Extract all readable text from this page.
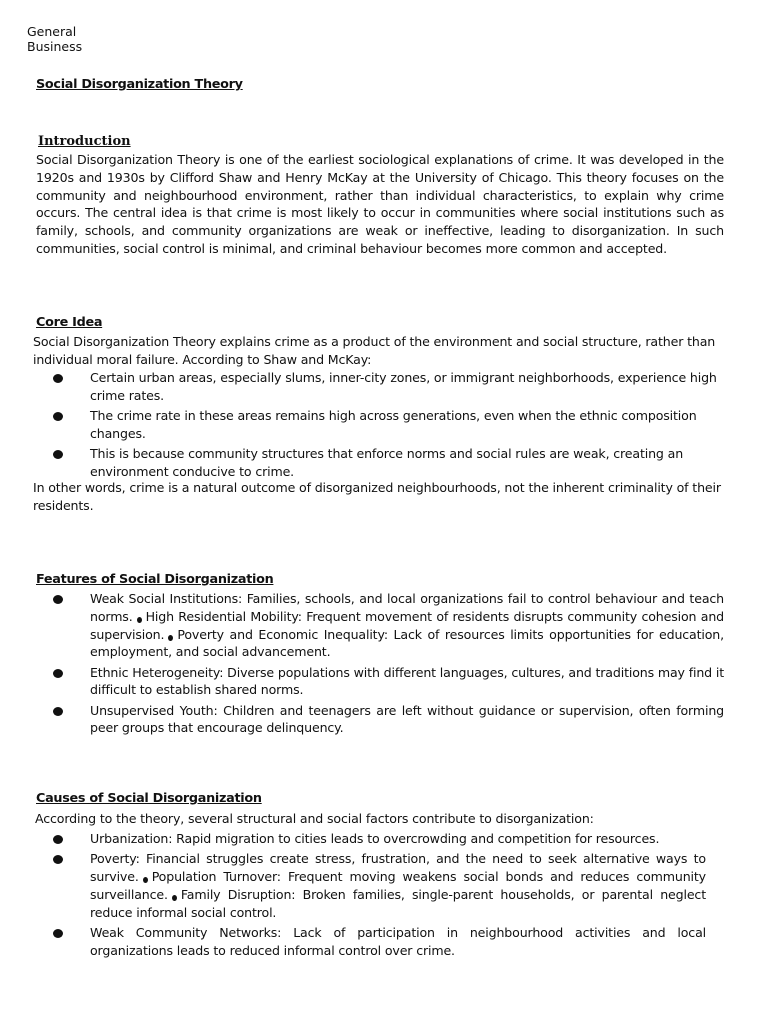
General
Business
Social Disorganization Theory
Introduction
Social Disorganization Theory is one of the earliest sociological explanations of crime. It was developed in the 1920s and 1930s by Clifford Shaw and Henry McKay at the University of Chicago. This theory focuses on the community and neighbourhood environment, rather than individual characteristics, to explain why crime occurs. The central idea is that crime is most likely to occur in communities where social institutions such as family, schools, and community organizations are weak or ineffective, leading to disorganization. In such communities, social control is minimal, and criminal behaviour becomes more common and accepted.
Core Idea
Social Disorganization Theory explains crime as a product of the environment and social structure, rather than individual moral failure. According to Shaw and McKay:
Certain urban areas, especially slums, inner-city zones, or immigrant neighborhoods, experience high crime rates.
The crime rate in these areas remains high across generations, even when the ethnic composition changes.
This is because community structures that enforce norms and social rules are weak, creating an environment conducive to crime.
In other words, crime is a natural outcome of disorganized neighbourhoods, not the inherent criminality of their residents.
Features of Social Disorganization
Weak Social Institutions: Families, schools, and local organizations fail to control behaviour and teach norms. High Residential Mobility: Frequent movement of residents disrupts community cohesion and supervision. Poverty and Economic Inequality: Lack of resources limits opportunities for education, employment, and social advancement.
Ethnic Heterogeneity: Diverse populations with different languages, cultures, and traditions may find it difficult to establish shared norms.
Unsupervised Youth: Children and teenagers are left without guidance or supervision, often forming peer groups that encourage delinquency.
Causes of Social Disorganization
According to the theory, several structural and social factors contribute to disorganization:
Urbanization: Rapid migration to cities leads to overcrowding and competition for resources.
Poverty: Financial struggles create stress, frustration, and the need to seek alternative ways to survive. Population Turnover: Frequent moving weakens social bonds and reduces community surveillance. Family Disruption: Broken families, single-parent households, or parental neglect reduce informal social control.
Weak Community Networks: Lack of participation in neighbourhood activities and local organizations leads to reduced informal control over crime.
